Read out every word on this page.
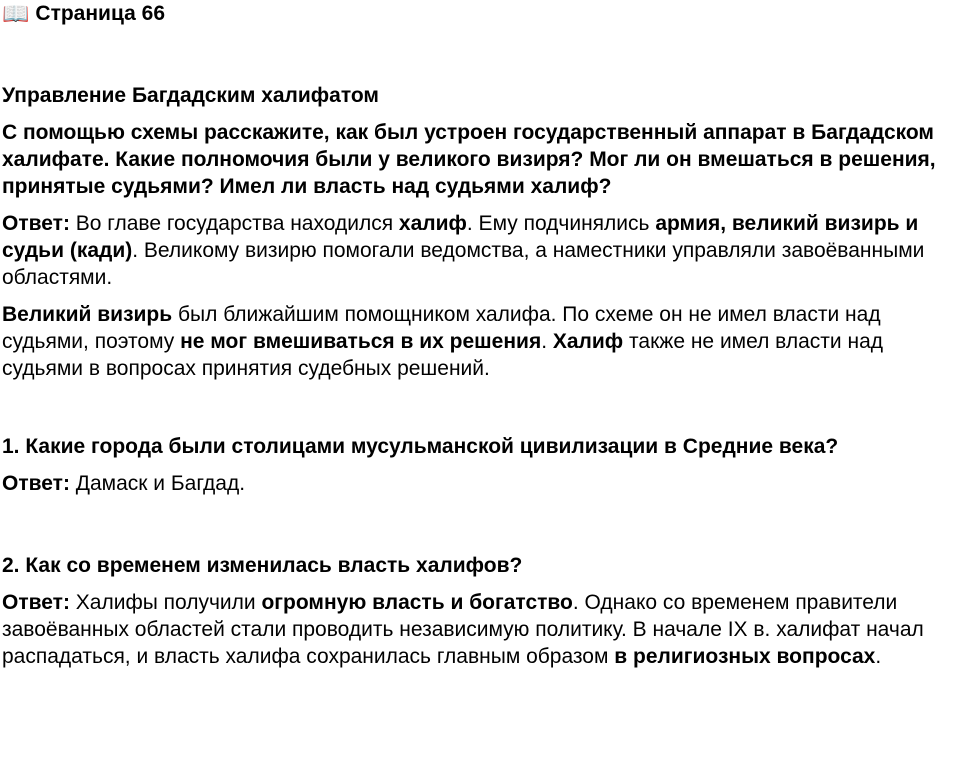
📖 Страница 66
Управление Багдадским халифатом
С помощью схемы расскажите, как был устроен государственный аппарат в Багдадском халифате. Какие полномочия были у великого визиря? Мог ли он вмешаться в решения, принятые судьями? Имел ли власть над судьями халиф?
Ответ: Во главе государства находился халиф. Ему подчинялись армия, великий визирь и судьи (кади). Великому визирю помогали ведомства, а наместники управляли завоёванными областями.
Великий визирь был ближайшим помощником халифа. По схеме он не имел власти над судьями, поэтому не мог вмешиваться в их решения. Халиф также не имел власти над судьями в вопросах принятия судебных решений.
1. Какие города были столицами мусульманской цивилизации в Средние века?
Ответ: Дамаск и Багдад.
2. Как со временем изменилась власть халифов?
Ответ: Халифы получили огромную власть и богатство. Однако со временем правители завоёванных областей стали проводить независимую политику. В начале IX в. халифат начал распадаться, и власть халифа сохранилась главным образом в религиозных вопросах.
